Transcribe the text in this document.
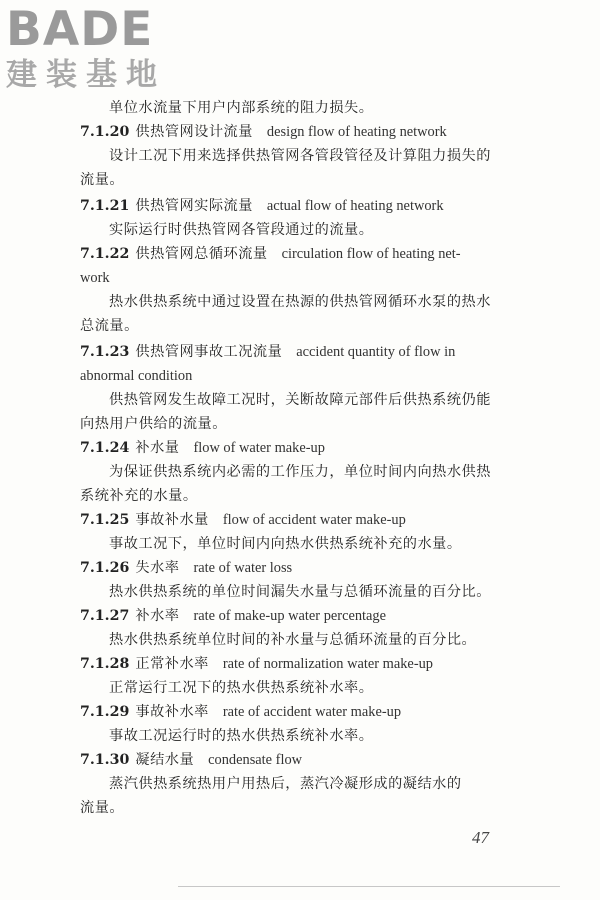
BADE
建装基地
单位水流量下用户内部系统的阻力损失。
7.1.20 供热管网设计流量 design flow of heating network
设计工况下用来选择供热管网各管段管径及计算阻力损失的
流量。
7.1.21 供热管网实际流量 actual flow of heating network
实际运行时供热管网各管段通过的流量。
7.1.22 供热管网总循环流量 circulation flow of heating net-
work
热水供热系统中通过设置在热源的供热管网循环水泵的热水
总流量。
7.1.23 供热管网事故工况流量 accident quantity of flow in
abnormal condition
供热管网发生故障工况时，关断故障元部件后供热系统仍能
向热用户供给的流量。
7.1.24 补水量 flow of water make-up
为保证供热系统内必需的工作压力，单位时间内向热水供热
系统补充的水量。
7.1.25 事故补水量 flow of accident water make-up
事故工况下，单位时间内向热水供热系统补充的水量。
7.1.26 失水率 rate of water loss
热水供热系统的单位时间漏失水量与总循环流量的百分比。
7.1.27 补水率 rate of make-up water percentage
热水供热系统单位时间的补水量与总循环流量的百分比。
7.1.28 正常补水率 rate of normalization water make-up
正常运行工况下的热水供热系统补水率。
7.1.29 事故补水率 rate of accident water make-up
事故工况运行时的热水供热系统补水率。
7.1.30 凝结水量 condensate flow
蒸汽供热系统热用户用热后，蒸汽冷凝形成的凝结水的
流量。
47
